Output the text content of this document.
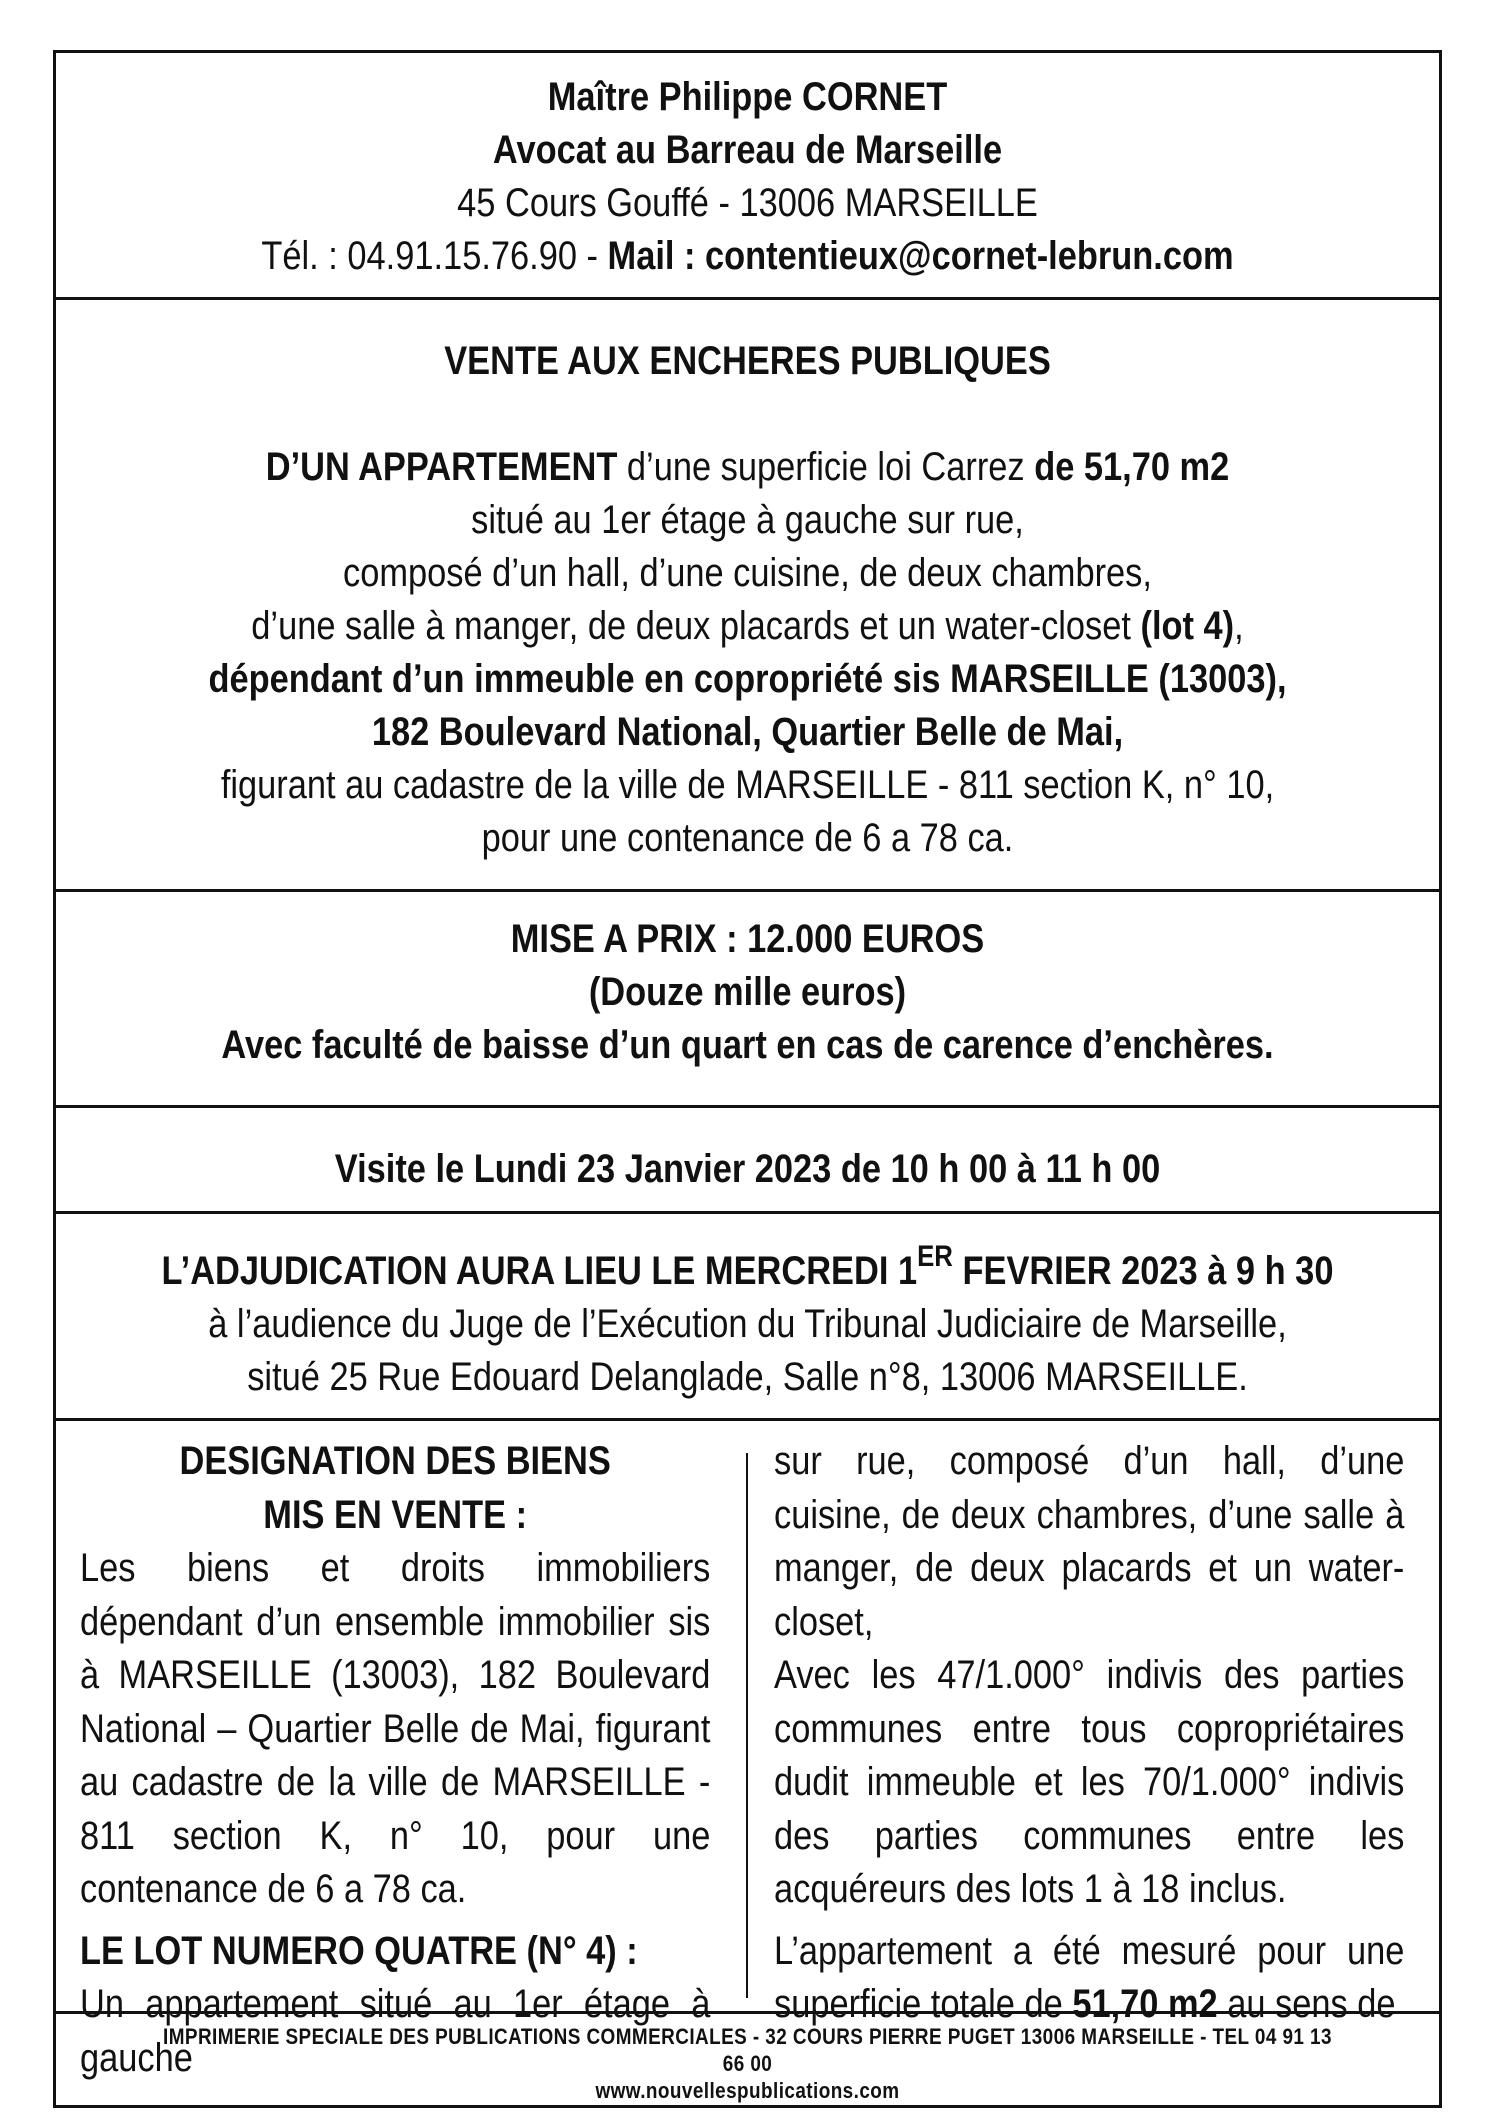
Maître Philippe CORNET
Avocat au Barreau de Marseille
45 Cours Gouffé - 13006 MARSEILLE
Tél. : 04.91.15.76.90 - Mail : contentieux@cornet-lebrun.com
VENTE AUX ENCHERES PUBLIQUES
D’UN APPARTEMENT d’une superficie loi Carrez de 51,70 m2
situé au 1er étage à gauche sur rue,
composé d’un hall, d’une cuisine, de deux chambres,
d’une salle à manger, de deux placards et un water-closet (lot 4),
dépendant d’un immeuble en copropriété sis MARSEILLE (13003),
182 Boulevard National, Quartier Belle de Mai,
figurant au cadastre de la ville de MARSEILLE - 811 section K, n° 10,
pour une contenance de 6 a 78 ca.
MISE A PRIX : 12.000 EUROS
(Douze mille euros)
Avec faculté de baisse d’un quart en cas de carence d’enchères.
Visite le Lundi 23 Janvier 2023 de 10 h 00 à 11 h 00
L’ADJUDICATION AURA LIEU LE MERCREDI 1ER FEVRIER 2023 à 9 h 30
à l’audience du Juge de l’Exécution du Tribunal Judiciaire de Marseille,
situé 25 Rue Edouard Delanglade, Salle n°8, 13006 MARSEILLE.

DESIGNATION DES BIENS

MIS EN VENTE :

Les biens et droits immobiliers dépendant d’un ensemble immobilier sis à MARSEILLE (13003), 182 Boulevard National – Quartier Belle de Mai, figurant au cadastre de la ville de MARSEILLE - 811 section K, n° 10, pour une contenance de 6 a 78 ca.

LE LOT NUMERO QUATRE (N° 4) :

Un appartement situé au 1er étage à gauche

sur rue, composé d’un hall, d’une cuisine, de deux chambres, d’une salle à manger, de deux placards et un water-closet,

Avec les 47/1.000° indivis des parties communes entre tous copropriétaires dudit immeuble et les 70/1.000° indivis des parties communes entre les acquéreurs des lots 1 à 18 inclus.

L’appartement a été mesuré pour une superficie totale de 51,70 m2 au sens de

IMPRIMERIE SPECIALE DES PUBLICATIONS COMMERCIALES - 32 COURS PIERRE PUGET 13006 MARSEILLE - TEL 04 91 13 66 00
www.nouvellespublications.com
